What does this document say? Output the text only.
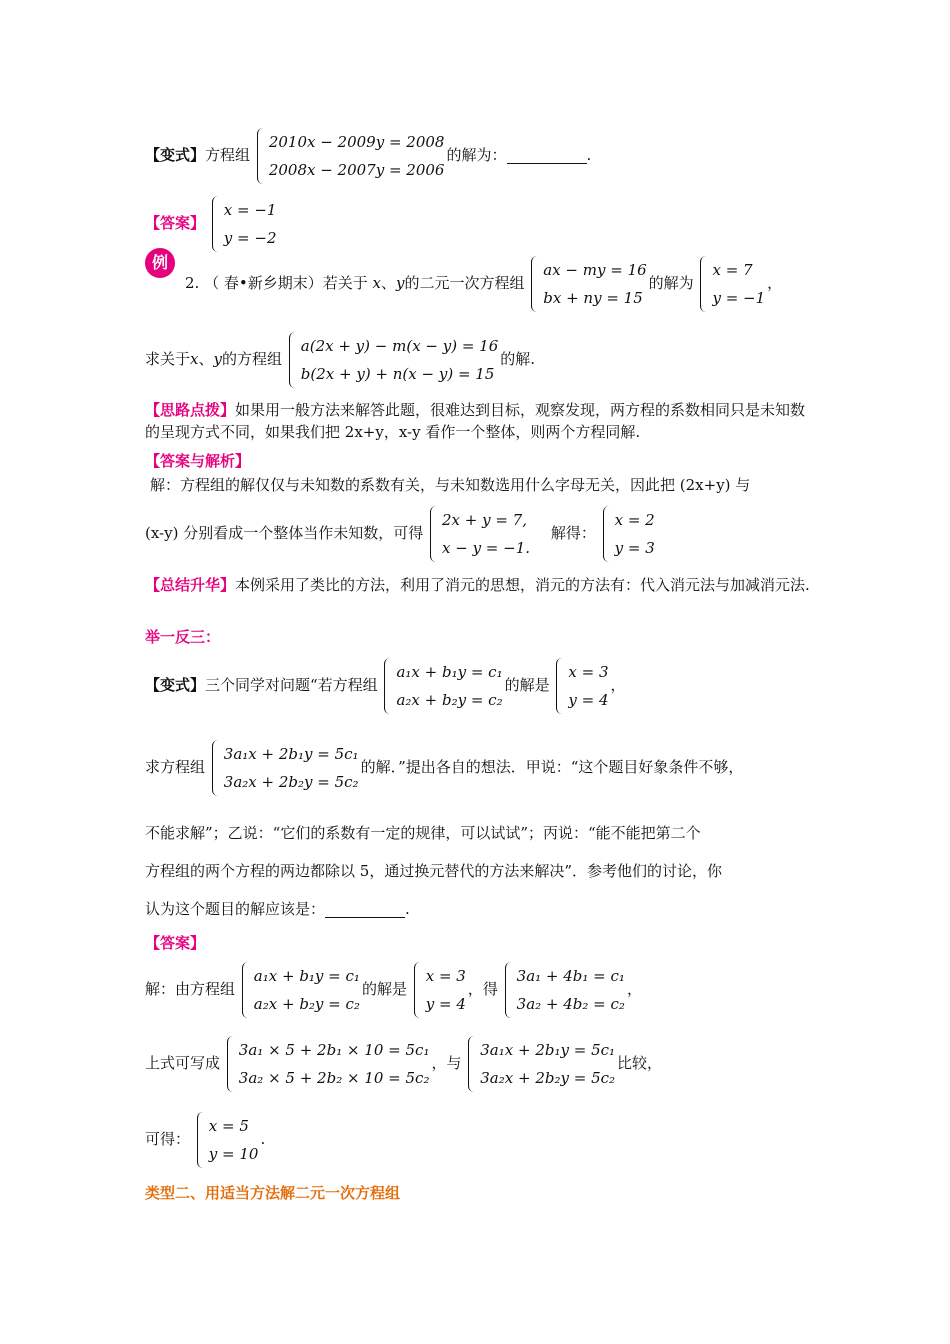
【变式】方程组
2010x − 2009y = 2008
2008x − 2007y = 2006
的解为：	.
【答案】
x = −1
y = −2
例
2. （ 春•新乡期末）若关于 x、y的二元一次方程组
ax − my = 16
bx + ny = 15
的解为
x = 7
y = −1
，
求关于x、y的方程组
a(2x + y) − m(x − y) = 16
b(2x + y) + n(x − y) = 15
的解.
【思路点拨】如果用一般方法来解答此题，很难达到目标，观察发现，两方程的系数相同只是未知数的呈现方式不同，如果我们把 2x+y，x-y 看作一个整体，则两个方程同解.
【答案与解析】
解：方程组的解仅仅与未知数的系数有关，与未知数选用什么字母无关，因此把 (2x+y) 与
(x-y) 分别看成一个整体当作未知数，可得
2x + y = 7,
x − y = −1.
解得：
x = 2
y = 3
【总结升华】本例采用了类比的方法，利用了消元的思想，消元的方法有：代入消元法与加减消元法.
举一反三：
【变式】三个同学对问题“若方程组
a₁x + b₁y = c₁
a₂x + b₂y = c₂
的解是
x = 3
y = 4
，
求方程组
3a₁x + 2b₁y = 5c₁
3a₂x + 2b₂y = 5c₂
的解．”提出各自的想法．甲说：“这个题目好象条件不够，
不能求解”；乙说：“它们的系数有一定的规律，可以试试”；丙说：“能不能把第二个
方程组的两个方程的两边都除以 5，通过换元替代的方法来解决”．参考他们的讨论，你
认为这个题目的解应该是：	.
【答案】
解：由方程组
a₁x + b₁y = c₁
a₂x + b₂y = c₂
的解是
x = 3
y = 4
，得
3a₁ + 4b₁ = c₁
3a₂ + 4b₂ = c₂
，
上式可写成
3a₁ × 5 + 2b₁ × 10 = 5c₁
3a₂ × 5 + 2b₂ × 10 = 5c₂
，与
3a₁x + 2b₁y = 5c₁
3a₂x + 2b₂y = 5c₂
比较，
可得：
x = 5
y = 10
.
类型二、用适当方法解二元一次方程组
